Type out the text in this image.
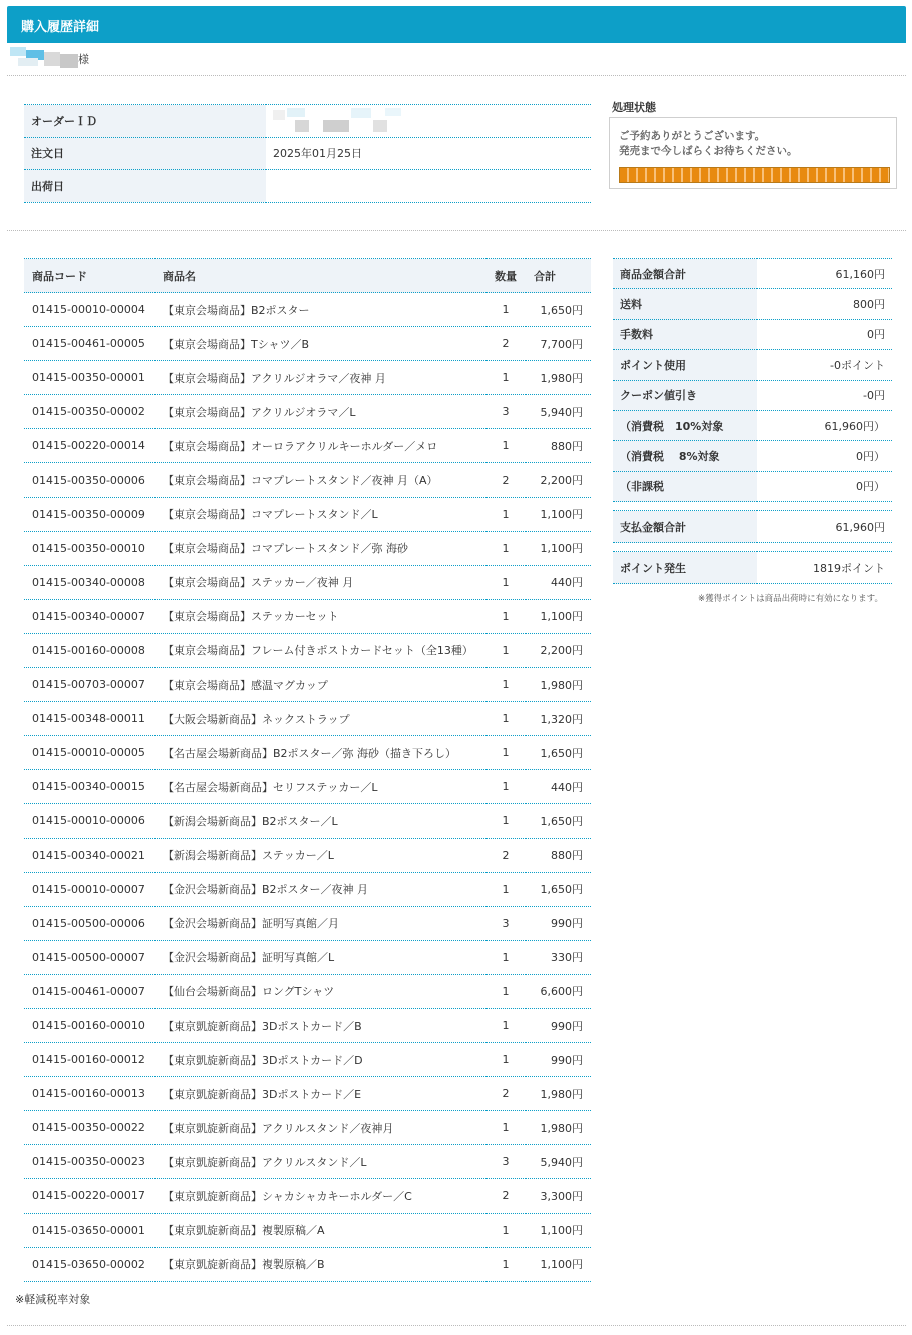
購入履歴詳細
様
オーダーＩＤ	

注文日	2025年01月25日
出荷日	
処理状態
ご予約ありがとうございます。
発売まで今しばらくお待ちください。
商品コード	商品名	数量	合計
01415-00010-00004	【東京会場商品】B2ポスター	1	1,650円
01415-00461-00005	【東京会場商品】Tシャツ／B	2	7,700円
01415-00350-00001	【東京会場商品】アクリルジオラマ／夜神 月	1	1,980円
01415-00350-00002	【東京会場商品】アクリルジオラマ／L	3	5,940円
01415-00220-00014	【東京会場商品】オーロラアクリルキーホルダー／メロ	1	880円
01415-00350-00006	【東京会場商品】コマプレートスタンド／夜神 月（A）	2	2,200円
01415-00350-00009	【東京会場商品】コマプレートスタンド／L	1	1,100円
01415-00350-00010	【東京会場商品】コマプレートスタンド／弥 海砂	1	1,100円
01415-00340-00008	【東京会場商品】ステッカー／夜神 月	1	440円
01415-00340-00007	【東京会場商品】ステッカーセット	1	1,100円
01415-00160-00008	【東京会場商品】フレーム付きポストカードセット（全13種）	1	2,200円
01415-00703-00007	【東京会場商品】感温マグカップ	1	1,980円
01415-00348-00011	【大阪会場新商品】ネックストラップ	1	1,320円
01415-00010-00005	【名古屋会場新商品】B2ポスター／弥 海砂（描き下ろし）	1	1,650円
01415-00340-00015	【名古屋会場新商品】セリフステッカー／L	1	440円
01415-00010-00006	【新潟会場新商品】B2ポスター／L	1	1,650円
01415-00340-00021	【新潟会場新商品】ステッカー／L	2	880円
01415-00010-00007	【金沢会場新商品】B2ポスター／夜神 月	1	1,650円
01415-00500-00006	【金沢会場新商品】証明写真館／月	3	990円
01415-00500-00007	【金沢会場新商品】証明写真館／L	1	330円
01415-00461-00007	【仙台会場新商品】ロングTシャツ	1	6,600円
01415-00160-00010	【東京凱旋新商品】3Dポストカード／B	1	990円
01415-00160-00012	【東京凱旋新商品】3Dポストカード／D	1	990円
01415-00160-00013	【東京凱旋新商品】3Dポストカード／E	2	1,980円
01415-00350-00022	【東京凱旋新商品】アクリルスタンド／夜神月	1	1,980円
01415-00350-00023	【東京凱旋新商品】アクリルスタンド／L	3	5,940円
01415-00220-00017	【東京凱旋新商品】シャカシャカキーホルダー／C	2	3,300円
01415-03650-00001	【東京凱旋新商品】複製原稿／A	1	1,100円
01415-03650-00002	【東京凱旋新商品】複製原稿／B	1	1,100円
※軽減税率対象
商品金額合計	61,160円
送料	800円
手数料	0円
ポイント使用	-0ポイント
クーポン値引き	-0円
（消費税　10%対象	61,960円）
（消費税　 8%対象	0円）
（非課税	0円）

支払金額合計	61,960円

ポイント発生	1819ポイント
※獲得ポイントは商品出荷時に有効になります。
